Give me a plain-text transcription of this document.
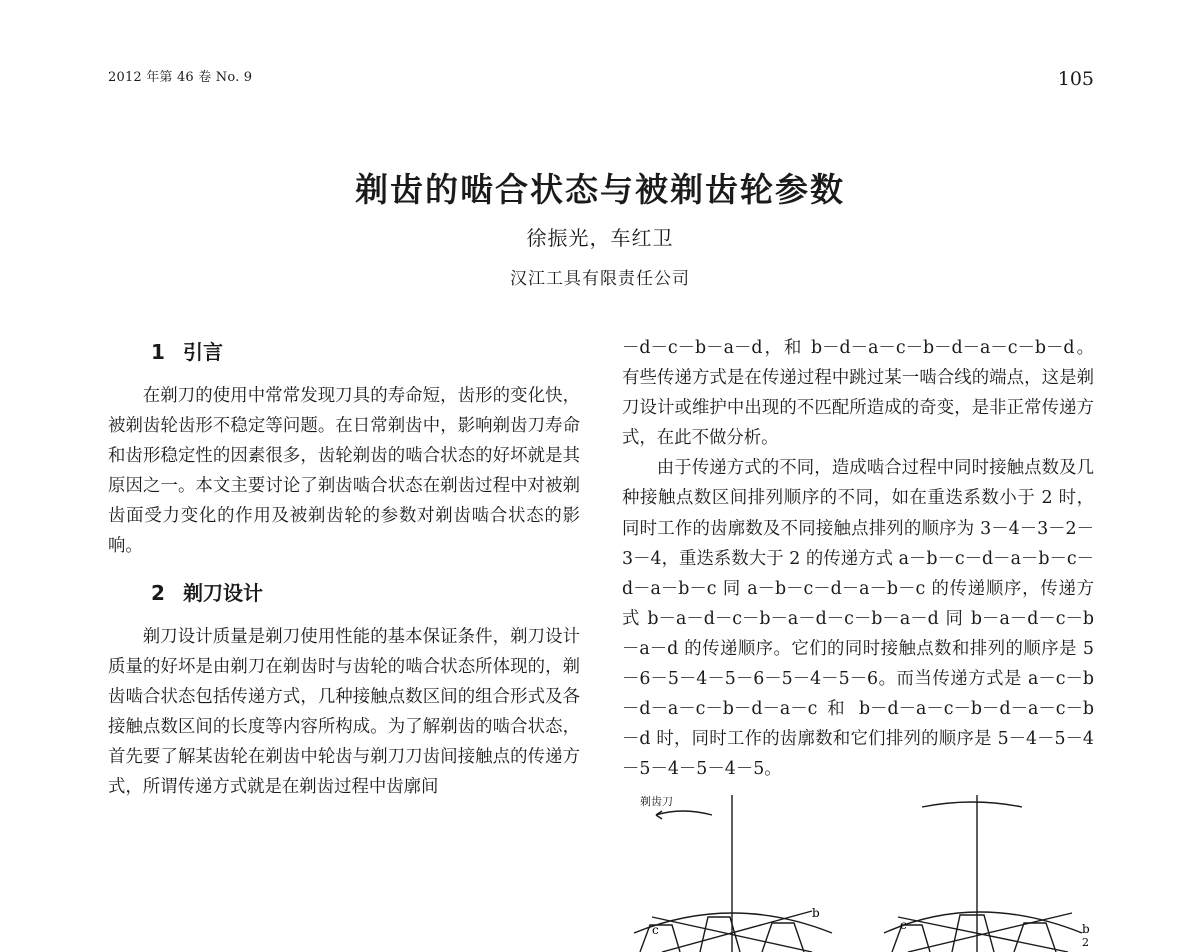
2012 年第 46 卷 No. 9	105
剃齿的啮合状态与被剃齿轮参数
徐振光，车红卫
汉江工具有限责任公司
1 引言

在剃刀的使用中常常发现刀具的寿命短，齿形的变化快，被剃齿轮齿形不稳定等问题。在日常剃齿中，影响剃齿刀寿命和齿形稳定性的因素很多，齿轮剃齿的啮合状态的好坏就是其原因之一。本文主要讨论了剃齿啮合状态在剃齿过程中对被剃齿面受力变化的作用及被剃齿轮的参数对剃齿啮合状态的影响。

2 剃刀设计

剃刀设计质量是剃刀使用性能的基本保证条件，剃刀设计质量的好坏是由剃刀在剃齿时与齿轮的啮合状态所体现的，剃齿啮合状态包括传递方式，几种接触点数区间的组合形式及各接触点数区间的长度等内容所构成。为了解剃齿的啮合状态，首先要了解某齿轮在剃齿中轮齿与剃刀刀齿间接触点的传递方式，所谓传递方式就是在剃齿过程中齿廓间

－d－c－b－a－d，和 b－d－a－c－b－d－a－c－b－d。有些传递方式是在传递过程中跳过某一啮合线的端点，这是剃刀设计或维护中出现的不匹配所造成的奇变，是非正常传递方式，在此不做分析。

由于传递方式的不同，造成啮合过程中同时接触点数及几种接触点数区间排列顺序的不同，如在重迭系数小于 2 时，同时工作的齿廓数及不同接触点排列的顺序为 3－4－3－2－3－4，重迭系数大于 2 的传递方式 a－b－c－d－a－b－c－d－a－b－c 同 a－b－c－d－a－b－c 的传递顺序，传递方式 b－a－d－c－b－a－d－c－b－a－d 同 b－a－d－c－b－a－d 的传递顺序。它们的同时接触点数和排列的顺序是 5－6－5－4－5－6－5－4－5－6。而当传递方式是 a－c－b－d－a－c－b－d－a－c 和 b－d－a－c－b－d－a－c－b－d 时，同时工作的齿廓数和它们排列的顺序是 5－4－5－4－5－4－5－4－5。

剃齿刀
c
b
c	b
2
